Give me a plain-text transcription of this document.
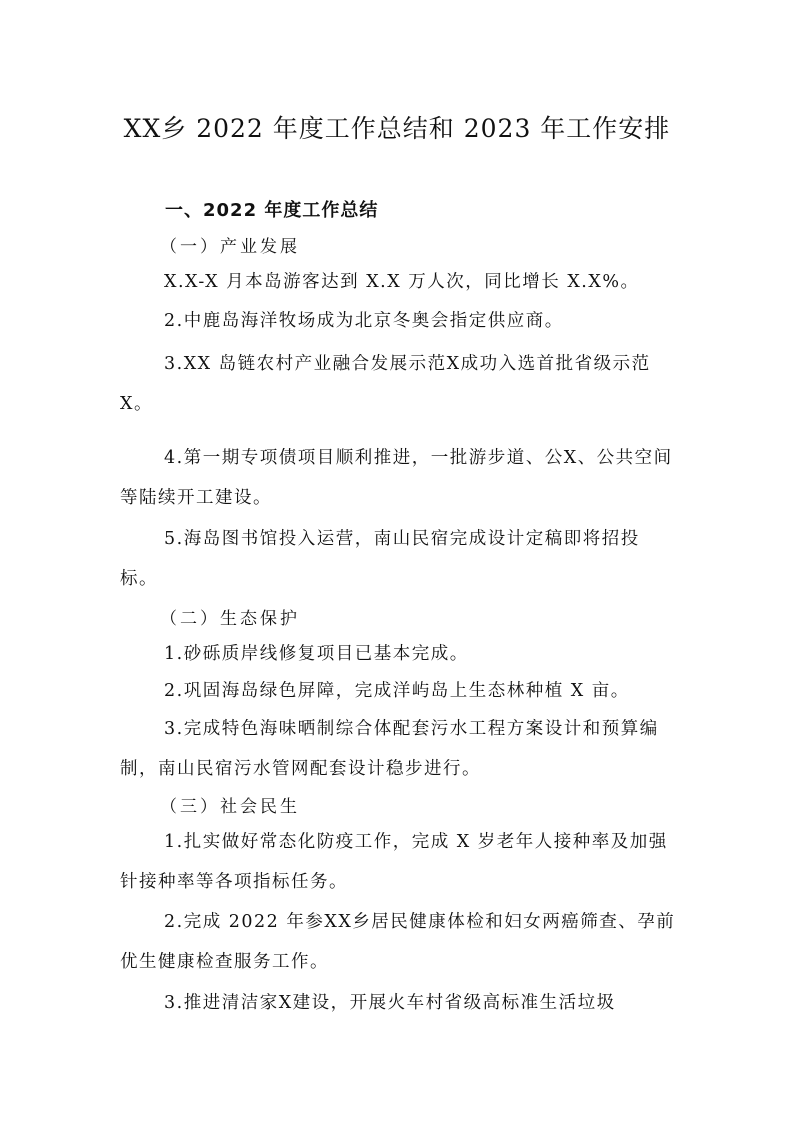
XX乡 2022 年度工作总结和 2023 年工作安排
一、2022 年度工作总结
（一）产业发展
X.X-X 月本岛游客达到 X.X 万人次，同比增长 X.X%。
2.中鹿岛海洋牧场成为北京冬奥会指定供应商。
3.XX 岛链农村产业融合发展示范X成功入选首批省级示范X。
4.第一期专项债项目顺利推进，一批游步道、公X、公共空间等陆续开工建设。
5.海岛图书馆投入运营，南山民宿完成设计定稿即将招投标。
（二）生态保护
1.砂砾质岸线修复项目已基本完成。
2.巩固海岛绿色屏障，完成洋屿岛上生态林种植 X 亩。
3.完成特色海味晒制综合体配套污水工程方案设计和预算编制，南山民宿污水管网配套设计稳步进行。
（三）社会民生
1.扎实做好常态化防疫工作，完成 X 岁老年人接种率及加强针接种率等各项指标任务。
2.完成 2022 年参XX乡居民健康体检和妇女两癌筛查、孕前优生健康检查服务工作。
3.推进清洁家X建设，开展火车村省级高标准生活垃圾
